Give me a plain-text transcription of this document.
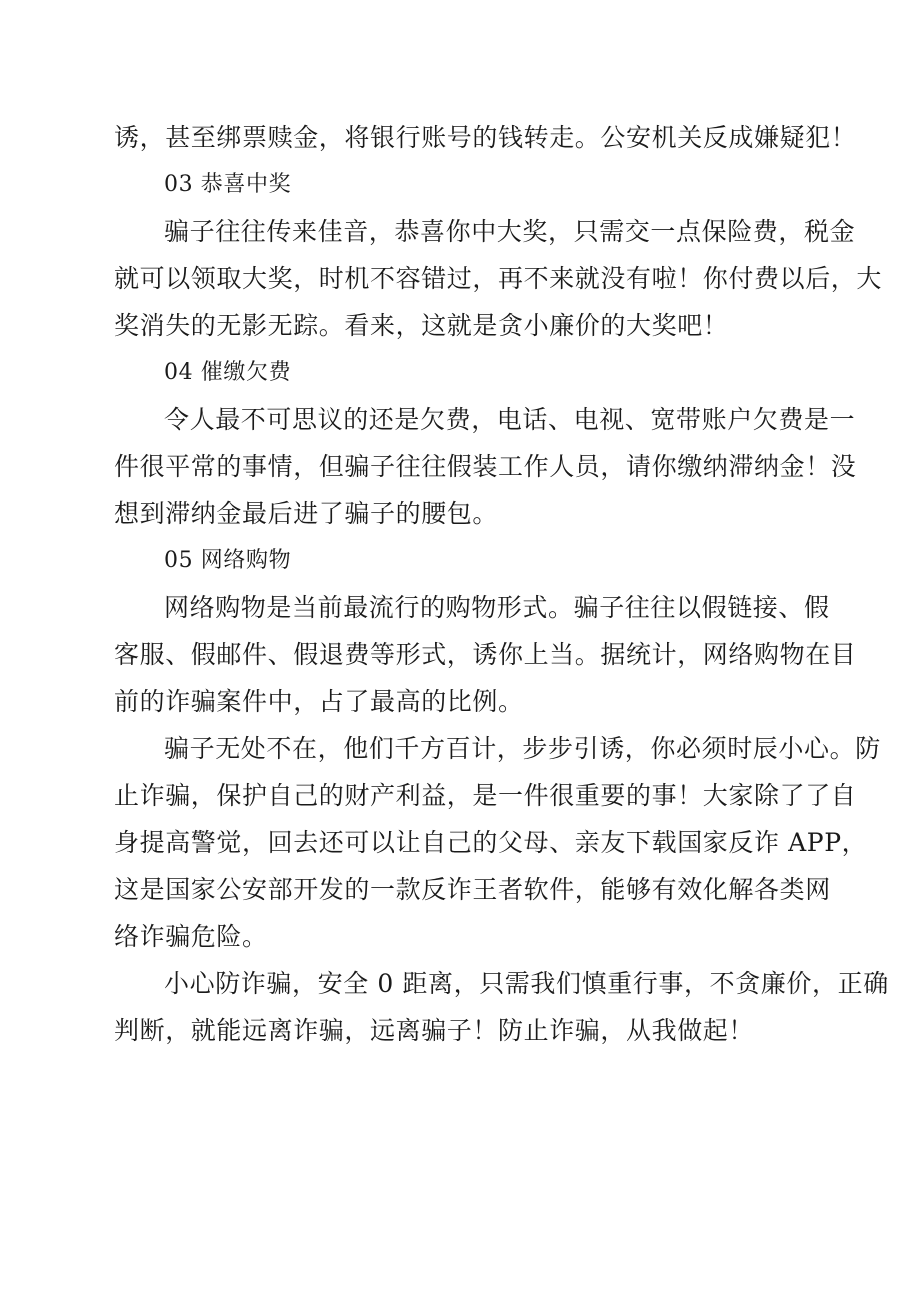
诱，甚至绑票赎金，将银行账号的钱转走。公安机关反成嫌疑犯！
03 恭喜中奖
骗子往往传来佳音，恭喜你中大奖，只需交一点保险费，税金
就可以领取大奖，时机不容错过，再不来就没有啦！你付费以后，大
奖消失的无影无踪。看来，这就是贪小廉价的大奖吧！
04 催缴欠费
令人最不可思议的还是欠费，电话、电视、宽带账户欠费是一
件很平常的事情，但骗子往往假装工作人员，请你缴纳滞纳金！没
想到滞纳金最后进了骗子的腰包。
05 网络购物
网络购物是当前最流行的购物形式。骗子往往以假链接、假
客服、假邮件、假退费等形式，诱你上当。据统计，网络购物在目
前的诈骗案件中，占了最高的比例。
骗子无处不在，他们千方百计，步步引诱，你必须时辰小心。防
止诈骗，保护自己的财产利益，是一件很重要的事！大家除了了自
身提高警觉，回去还可以让自己的父母、亲友下载国家反诈 APP，
这是国家公安部开发的一款反诈王者软件，能够有效化解各类网
络诈骗危险。
小心防诈骗，安全 0 距离，只需我们慎重行事，不贪廉价，正确
判断，就能远离诈骗，远离骗子！防止诈骗，从我做起！
